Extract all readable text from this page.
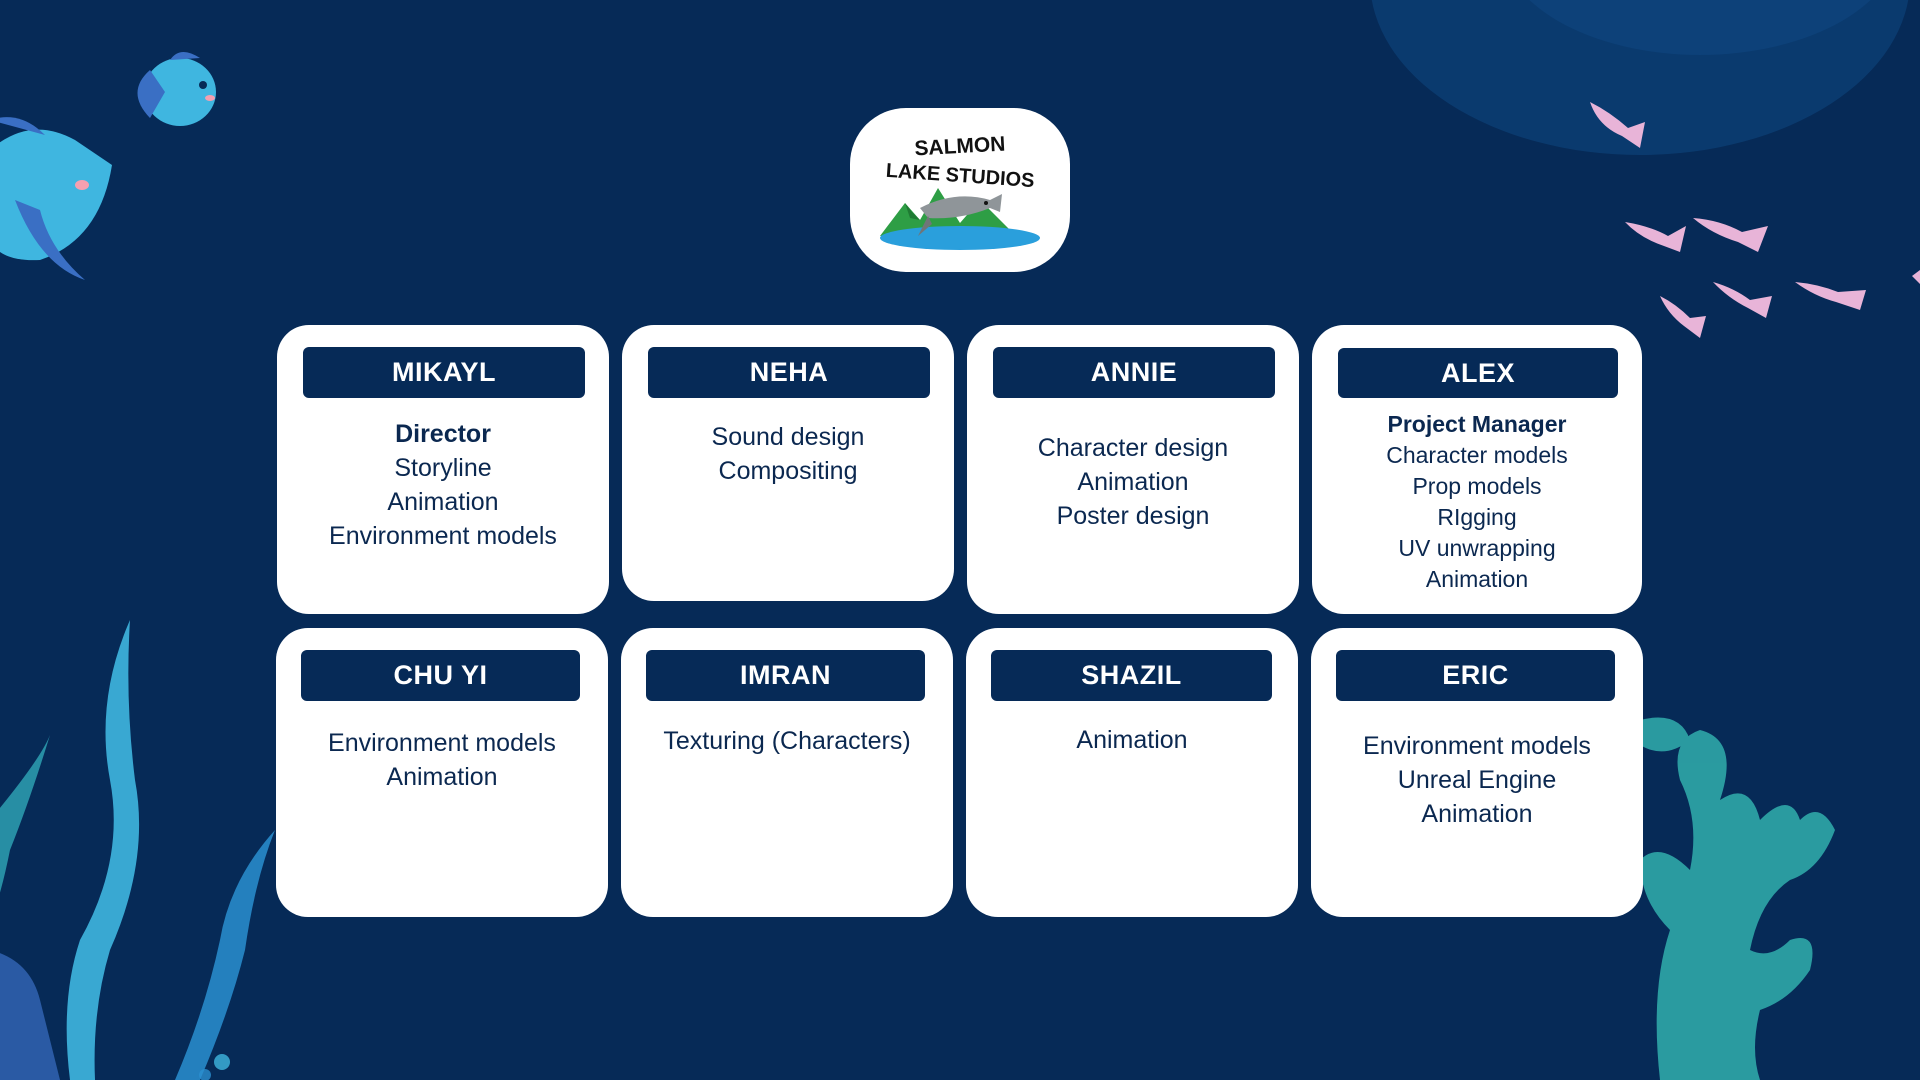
SALMON
LAKE STUDIOS
MIKAYL
Director
Storyline
Animation
Environment models
NEHA
Sound design
Compositing
ANNIE
Character design
Animation
Poster design
ALEX
Project Manager
Character models
Prop models
RIgging
UV unwrapping
Animation
CHU YI
Environment models
Animation
IMRAN
Texturing (Characters)
SHAZIL
Animation
ERIC
Environment models
Unreal Engine
Animation
